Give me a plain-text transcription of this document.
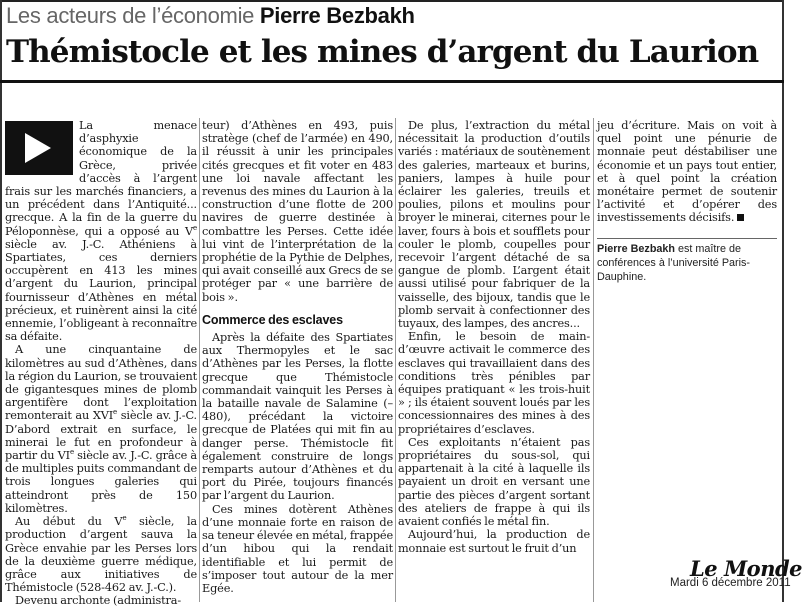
Les acteurs de l’économie Pierre Bezbakh
Thémistocle et les mines d’argent du Laurion

La menace d’asphyxie économique de la Grèce, privée d’accès à l’argent frais sur les marchés financiers, a un précédent dans l’Antiquité... grecque. A la fin de la guerre du Péloponnèse, qui a opposé au Ve siècle av. J.-C. Athéniens à Spartiates, ces derniers occupèrent en 413 les mines d’argent du Laurion, principal fournisseur d’Athènes en métal précieux, et ruinèrent ainsi la cité ennemie, l’obligeant à reconnaître sa défaite.

A une cinquantaine de kilomètres au sud d’Athènes, dans la région du Laurion, se trouvaient de gigantesques mines de plomb argentifère dont l’exploitation remonterait au XVIe siècle av. J.-C. D’abord extrait en surface, le minerai le fut en profondeur à partir du VIe siècle av. J.-C. grâce à de multiples puits commandant de trois longues galeries qui atteindront près de 150 kilomètres.

Au début du Ve siècle, la production d’argent sauva la Grèce envahie par les Perses lors de la deuxième guerre médique, grâce aux initiatives de Thémistocle (528-462 av. J.-C.).

Devenu archonte (administra-

teur) d’Athènes en 493, puis stratège (chef de l’armée) en 490, il réussit à unir les principales cités grecques et fit voter en 483 une loi navale affectant les revenus des mines du Laurion à la construction d’une flotte de 200 navires de guerre destinée à combattre les Perses. Cette idée lui vint de l’interprétation de la prophétie de la Pythie de Delphes, qui avait conseillé aux Grecs de se protéger par « une barrière de bois ».

Commerce des esclaves

Après la défaite des Spartiates aux Thermopyles et le sac d’Athènes par les Perses, la flotte grecque que Thémistocle commandait vainquit les Perses à la bataille navale de Salamine (– 480), précédant la victoire grecque de Platées qui mit fin au danger perse. Thémistocle fit également construire de longs remparts autour d’Athènes et du port du Pirée, toujours financés par l’argent du Laurion.

Ces mines dotèrent Athènes d’une monnaie forte en raison de sa teneur élevée en métal, frappée d’un hibou qui la rendait identifiable et lui permit de s’imposer tout autour de la mer Egée.

De plus, l’extraction du métal nécessitait la production d’outils variés : matériaux de soutènement des galeries, marteaux et burins, paniers, lampes à huile pour éclairer les galeries, treuils et poulies, pilons et moulins pour broyer le minerai, citernes pour le laver, fours à bois et soufflets pour couler le plomb, coupelles pour recevoir l’argent détaché de sa gangue de plomb. L’argent était aussi utilisé pour fabriquer de la vaisselle, des bijoux, tandis que le plomb servait à confectionner des tuyaux, des lampes, des ancres...

Enfin, le besoin de main-d’œuvre activait le commerce des esclaves qui travaillaient dans des conditions très pénibles par équipes pratiquant « les trois-huit » ; ils étaient souvent loués par les concessionnaires des mines à des propriétaires d’esclaves.

Ces exploitants n’étaient pas propriétaires du sous-sol, qui appartenait à la cité à laquelle ils payaient un droit en versant une partie des pièces d’argent sortant des ateliers de frappe à qui ils avaient confiés le métal fin.

Aujourd’hui, la production de monnaie est surtout le fruit d’un

jeu d’écriture. Mais on voit à quel point une pénurie de monnaie peut déstabiliser une économie et un pays tout entier, et à quel point la création monétaire permet de soutenir l’activité et d’opérer des investissements décisifs.

Pierre Bezbakh est maître de conférences à l’université Paris-Dauphine.
Le Monde
Mardi 6 décembre 2011
